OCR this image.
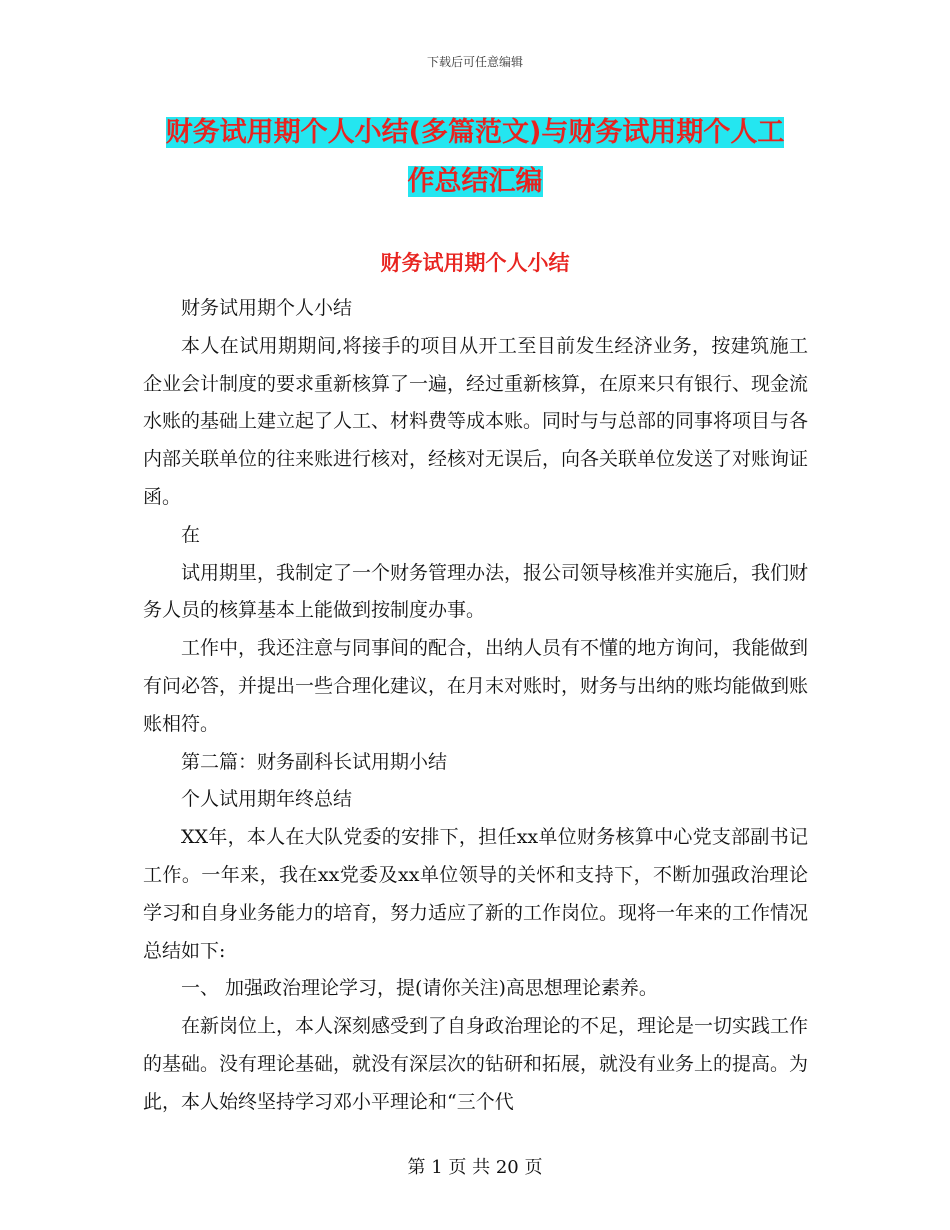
下载后可任意编辑
财务试用期个人小结(多篇范文)与财务试用期个人工
作总结汇编
财务试用期个人小结

财务试用期个人小结

本人在试用期期间,将接手的项目从开工至目前发生经济业务，按建筑施工企业会计制度的要求重新核算了一遍，经过重新核算，在原来只有银行、现金流水账的基础上建立起了人工、材料费等成本账。同时与与总部的同事将项目与各内部关联单位的往来账进行核对，经核对无误后，向各关联单位发送了对账询证函。

在

试用期里，我制定了一个财务管理办法，报公司领导核准并实施后，我们财务人员的核算基本上能做到按制度办事。

工作中，我还注意与同事间的配合，出纳人员有不懂的地方询问，我能做到有问必答，并提出一些合理化建议，在月末对账时，财务与出纳的账均能做到账账相符。

第二篇：财务副科长试用期小结

个人试用期年终总结

XX年，本人在大队党委的安排下，担任xx单位财务核算中心党支部副书记工作。一年来，我在xx党委及xx单位领导的关怀和支持下，不断加强政治理论学习和自身业务能力的培育，努力适应了新的工作岗位。现将一年来的工作情况总结如下:

一、 加强政治理论学习，提(请你关注)高思想理论素养。

在新岗位上，本人深刻感受到了自身政治理论的不足，理论是一切实践工作的基础。没有理论基础，就没有深层次的钻研和拓展，就没有业务上的提高。为此，本人始终坚持学习邓小平理论和“三个代

第 1 页 共 20 页
